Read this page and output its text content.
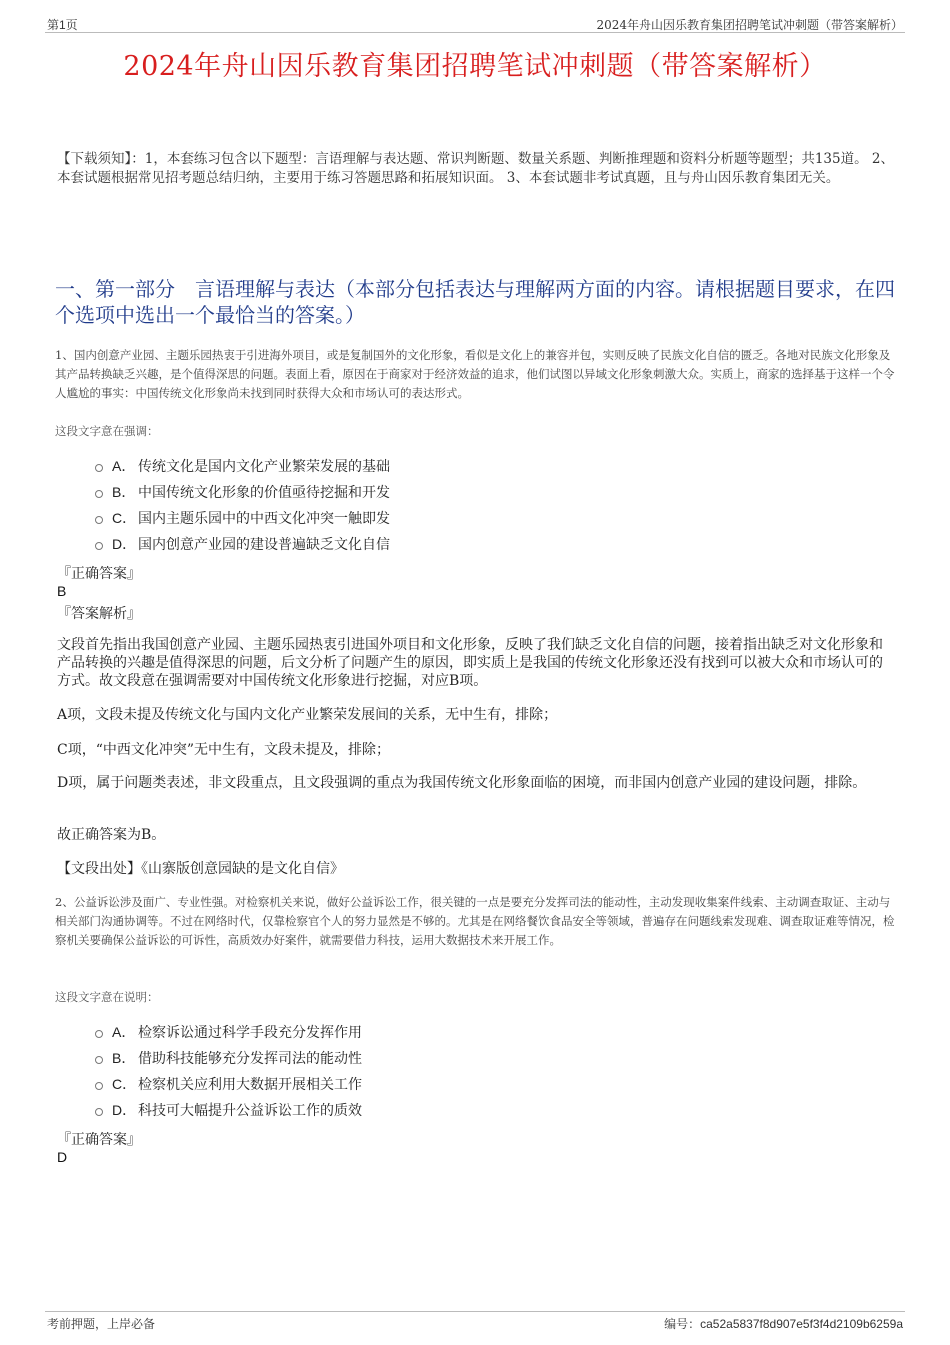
第1页	2024年舟山因乐教育集团招聘笔试冲刺题（带答案解析）
2024年舟山因乐教育集团招聘笔试冲刺题（带答案解析）
【下载须知】：1，本套练习包含以下题型：言语理解与表达题、常识判断题、数量关系题、判断推理题和资料分析题等题型；共135道。 2、本套试题根据常见招考题总结归纳，主要用于练习答题思路和拓展知识面。 3、本套试题非考试真题，且与舟山因乐教育集团无关。
一、第一部分　言语理解与表达（本部分包括表达与理解两方面的内容。请根据题目要求，在四个选项中选出一个最恰当的答案。）
1、国内创意产业园、主题乐园热衷于引进海外项目，或是复制国外的文化形象，看似是文化上的兼容并包，实则反映了民族文化自信的匮乏。各地对民族文化形象及其产品转换缺乏兴趣，是个值得深思的问题。表面上看，原因在于商家对于经济效益的追求，他们试图以异域文化形象刺激大众。实质上，商家的选择基于这样一个令人尴尬的事实：中国传统文化形象尚未找到同时获得大众和市场认可的表达形式。
这段文字意在强调：
A． 传统文化是国内文化产业繁荣发展的基础
B． 中国传统文化形象的价值亟待挖掘和开发
C． 国内主题乐园中的中西文化冲突一触即发
D． 国内创意产业园的建设普遍缺乏文化自信
『正确答案』
B
『答案解析』
文段首先指出我国创意产业园、主题乐园热衷引进国外项目和文化形象，反映了我们缺乏文化自信的问题，接着指出缺乏对文化形象和产品转换的兴趣是值得深思的问题，后文分析了问题产生的原因，即实质上是我国的传统文化形象还没有找到可以被大众和市场认可的方式。故文段意在强调需要对中国传统文化形象进行挖掘，对应B项。
A项，文段未提及传统文化与国内文化产业繁荣发展间的关系，无中生有，排除；
C项，“中西文化冲突”无中生有，文段未提及，排除；
D项，属于问题类表述，非文段重点，且文段强调的重点为我国传统文化形象面临的困境，而非国内创意产业园的建设问题，排除。
故正确答案为B。
【文段出处】《山寨版创意园缺的是文化自信》
2、公益诉讼涉及面广、专业性强。对检察机关来说，做好公益诉讼工作，很关键的一点是要充分发挥司法的能动性，主动发现收集案件线索、主动调查取证、主动与相关部门沟通协调等。不过在网络时代，仅靠检察官个人的努力显然是不够的。尤其是在网络餐饮食品安全等领域，普遍存在问题线索发现难、调查取证难等情况，检察机关要确保公益诉讼的可诉性，高质效办好案件，就需要借力科技，运用大数据技术来开展工作。
这段文字意在说明：
A． 检察诉讼通过科学手段充分发挥作用
B． 借助科技能够充分发挥司法的能动性
C． 检察机关应利用大数据开展相关工作
D． 科技可大幅提升公益诉讼工作的质效
『正确答案』
D
考前押题，上岸必备	编号：ca52a5837f8d907e5f3f4d2109b6259a
